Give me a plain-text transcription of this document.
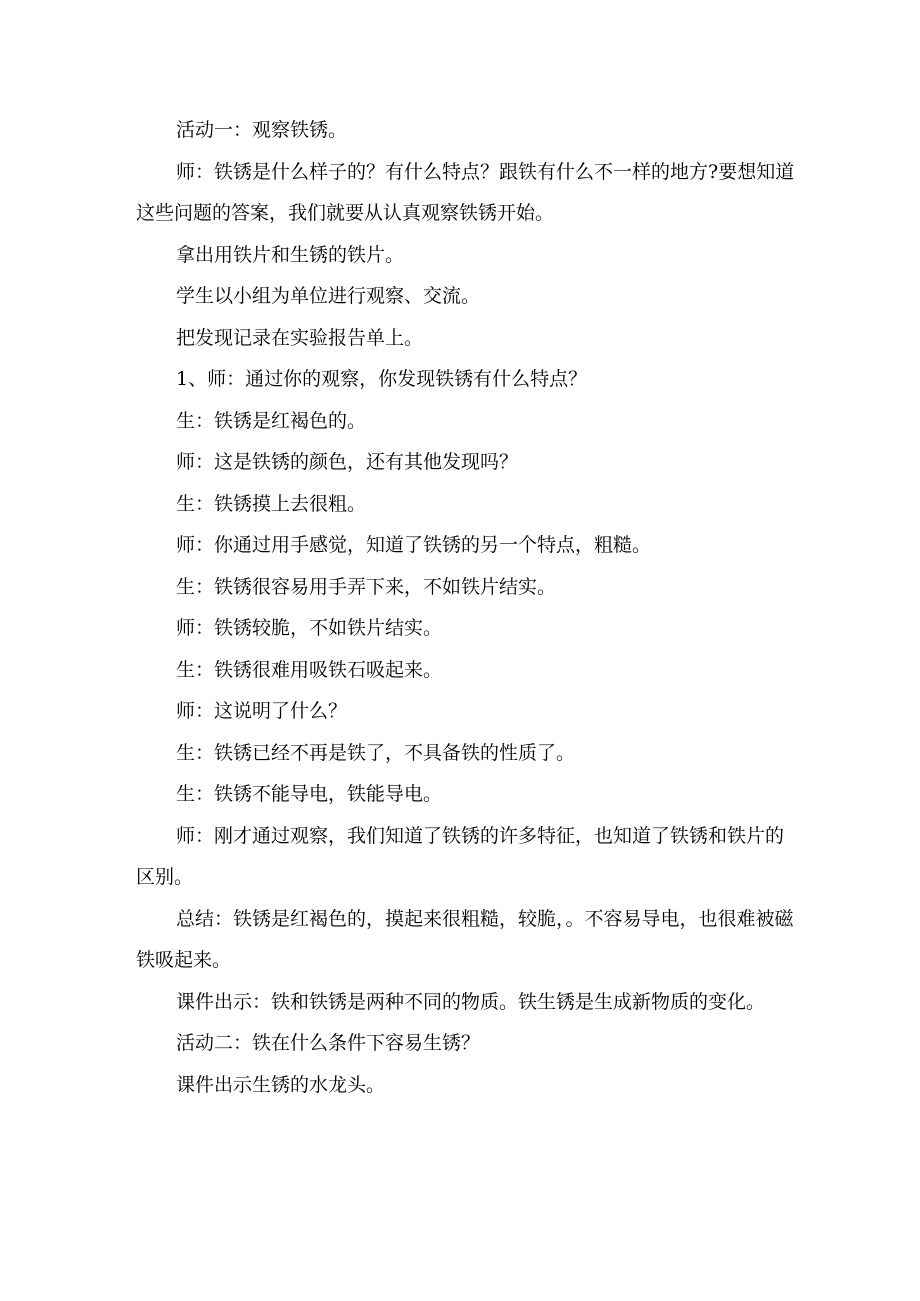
活动一：观察铁锈。

师：铁锈是什么样子的？有什么特点？跟铁有什么不一样的地方?要想知道这些问题的答案，我们就要从认真观察铁锈开始。

拿出用铁片和生锈的铁片。

学生以小组为单位进行观察、交流。

把发现记录在实验报告单上。

1、师：通过你的观察，你发现铁锈有什么特点？

生：铁锈是红褐色的。

师：这是铁锈的颜色，还有其他发现吗？

生：铁锈摸上去很粗。

师：你通过用手感觉，知道了铁锈的另一个特点，粗糙。

生：铁锈很容易用手弄下来，不如铁片结实。

师：铁锈较脆，不如铁片结实。

生：铁锈很难用吸铁石吸起来。

师：这说明了什么？

生：铁锈已经不再是铁了，不具备铁的性质了。

生：铁锈不能导电，铁能导电。

师：刚才通过观察，我们知道了铁锈的许多特征，也知道了铁锈和铁片的区别。

总结：铁锈是红褐色的，摸起来很粗糙，较脆，。不容易导电，也很难被磁铁吸起来。

课件出示：铁和铁锈是两种不同的物质。铁生锈是生成新物质的变化。

活动二：铁在什么条件下容易生锈？

课件出示生锈的水龙头。
